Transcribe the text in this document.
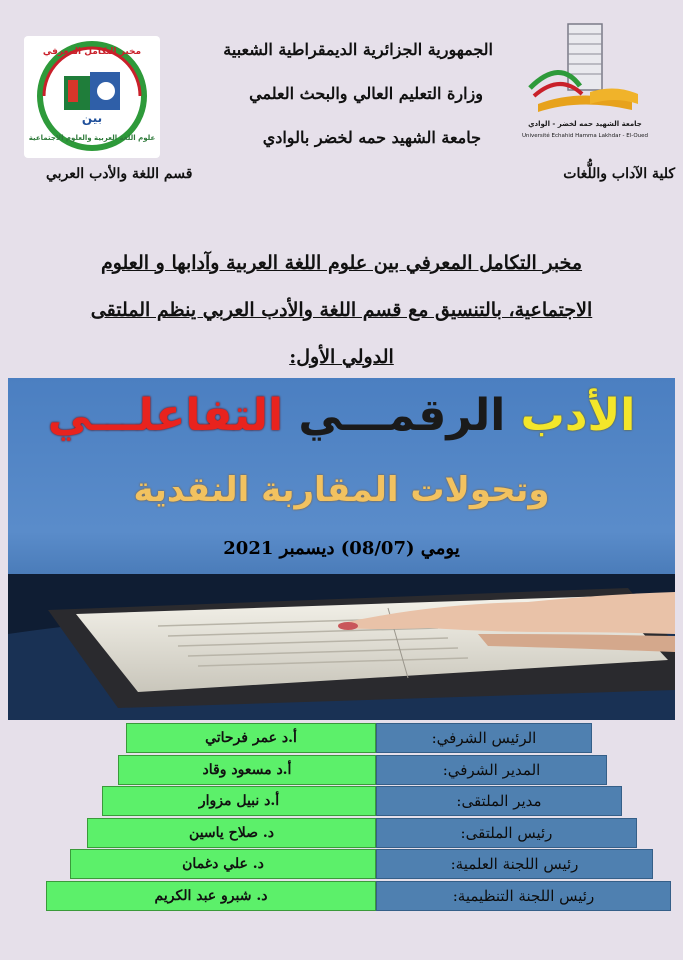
مخبر التكامل المعرفي
بين
علوم اللغة العربية والعلوم الاجتماعية
جامعة الشهيد حمه لخضر - الوادي
Université Echahid Hamma Lakhdar - El-Oued
الجمهورية الجزائرية الديمقراطية الشعبية
وزارة التعليم العالي والبحث العلمي
جامعة الشهيد حمه لخضر بالوادي
كلية الآداب واللُّغات
قسم اللغة والأدب العربي
مخبر التكامل المعرفي بين علوم اللغة العربية وآدابها و العلوم
الاجتماعية، بالتنسيق مع قسم اللغة والأدب العربي ينظم الملتقى
الدولي الأول:
الأدب الرقمـــي التفاعلـــي
وتحولات المقاربة النقدية
يومي (08/07) ديسمبر 2021
أ.د عمر فرحاتي	الرئيس الشرفي:
أ.د مسعود وقاد	المدير الشرفي:
أ.د نبيل مزوار	مدير الملتقى:
د. صلاح ياسين	رئيس الملتقى:
د. علي دغمان	رئيس اللجنة العلمية:
د. شبرو عبد الكريم	رئيس اللجنة التنظيمية:
